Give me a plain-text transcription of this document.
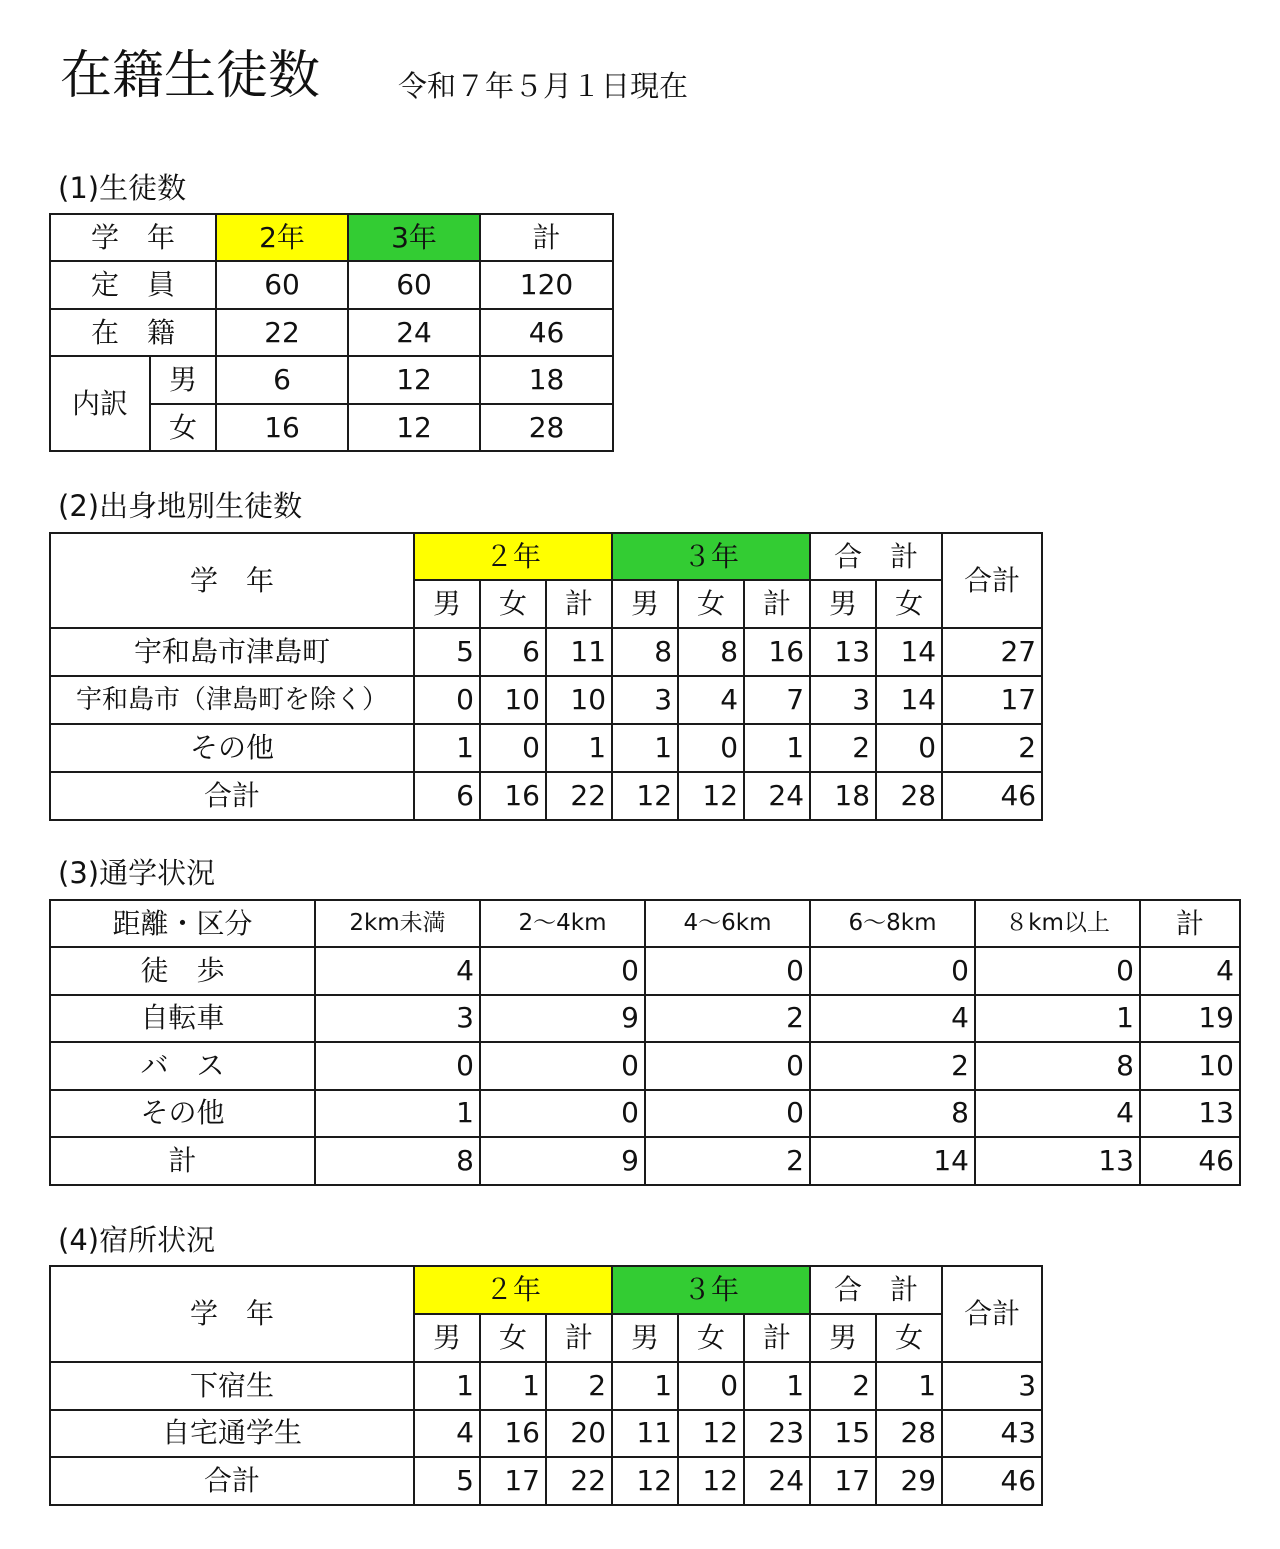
在籍生徒数	令和７年５月１日現在
(1)生徒数
学　年		2年	3年	計
定　員		60	60	120
在　籍		22	24	46
内訳	男	6	12	18
	女	16	12	28
(2)出身地別生徒数
学　年	２年			３年			合　計		合計
	男	女	計	男	女	計	男	女	
宇和島市津島町	5	6	11	8	8	16	13	14	27
宇和島市（津島町を除く）	0	10	10	3	4	7	3	14	17
その他	1	0	1	1	0	1	2	0	2
合計	6	16	22	12	12	24	18	28	46
(3)通学状況
距離・区分	2km未満	2～4km	4～6km	6～8km	８km以上	計
徒　歩	4	0	0	0	0	4
自転車	3	9	2	4	1	19
バ　ス	0	0	0	2	8	10
その他	1	0	0	8	4	13
計	8	9	2	14	13	46
(4)宿所状況
学　年	２年			３年			合　計		合計
	男	女	計	男	女	計	男	女	
下宿生	1	1	2	1	0	1	2	1	3
自宅通学生	4	16	20	11	12	23	15	28	43
合計	5	17	22	12	12	24	17	29	46
